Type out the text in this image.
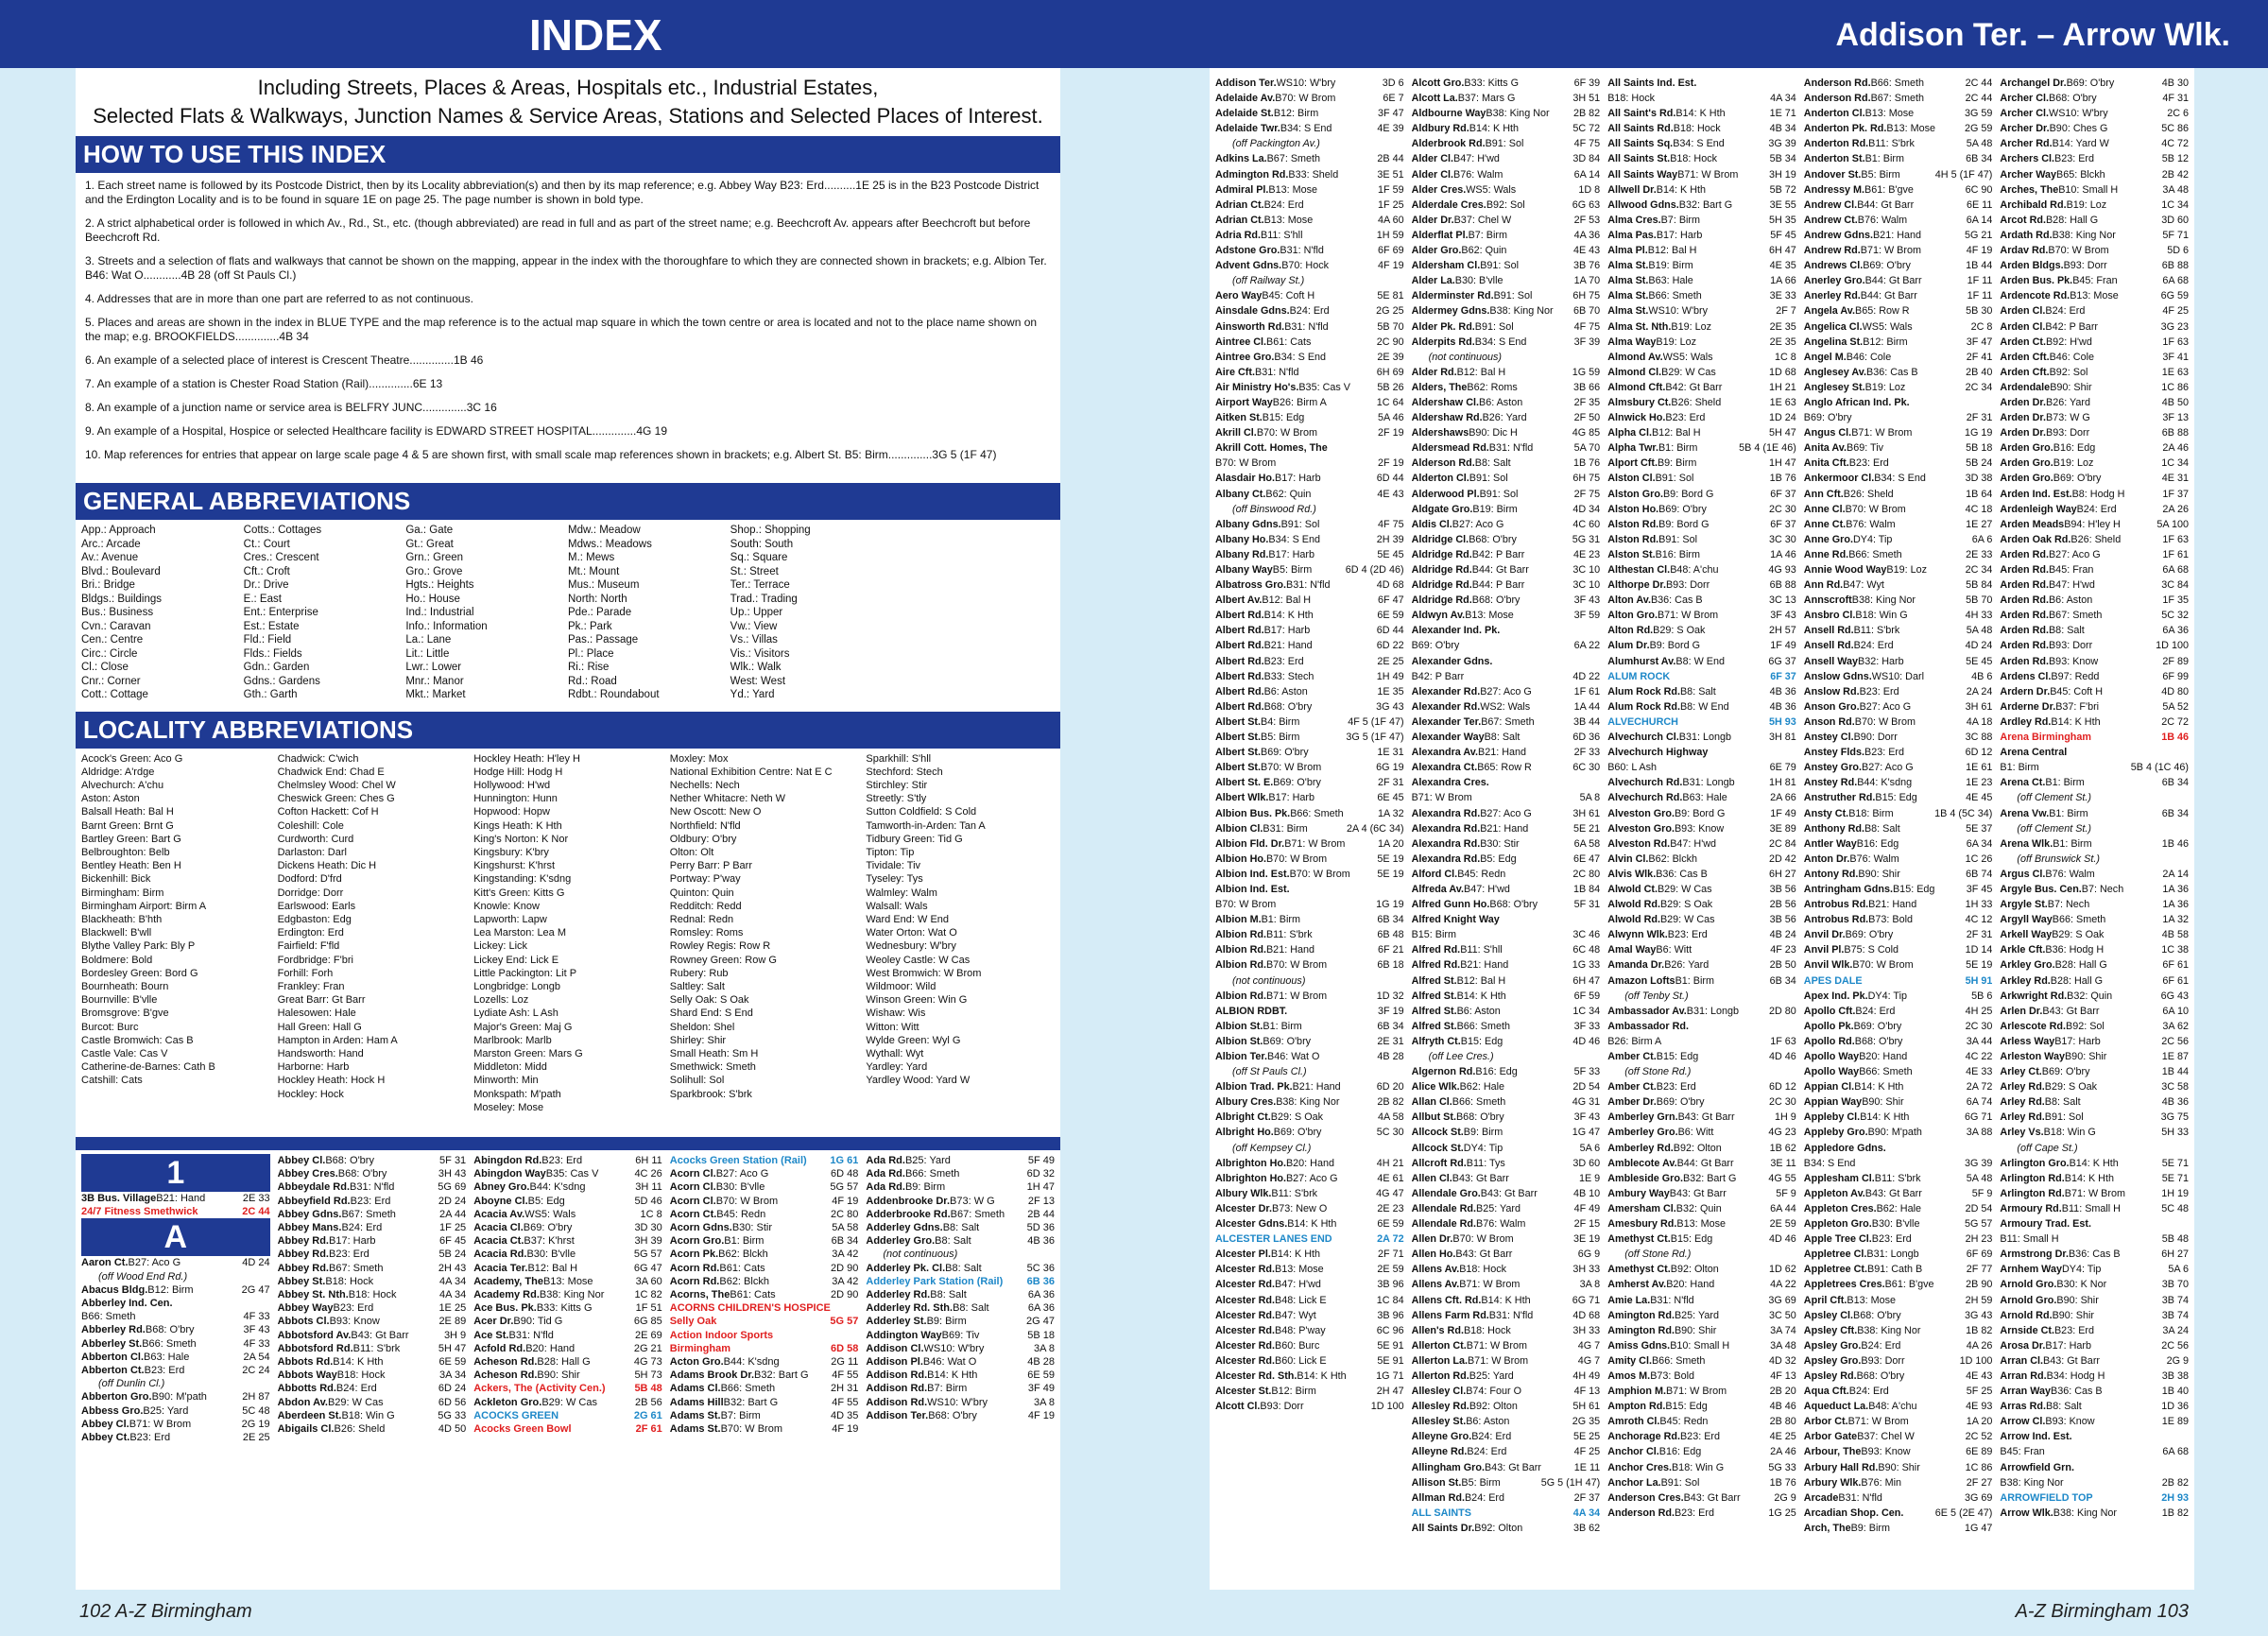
INDEX	Addison Ter. – Arrow Wlk.
Including Streets, Places & Areas, Hospitals etc., Industrial Estates,
Selected Flats & Walkways, Junction Names & Service Areas, Stations and Selected Places of Interest.
HOW TO USE THIS INDEX

1. Each street name is followed by its Postcode District, then by its Locality abbreviation(s) and then by its map reference; e.g. Abbey Way B23: Erd..........1E 25 is in the B23 Postcode District and the Erdington Locality and is to be found in square 1E on page 25. The page number is shown in bold type.

2. A strict alphabetical order is followed in which Av., Rd., St., etc. (though abbreviated) are read in full and as part of the street name; e.g. Beechcroft Av. appears after Beechcroft but before Beechcroft Rd.

3. Streets and a selection of flats and walkways that cannot be shown on the mapping, appear in the index with the thoroughfare to which they are connected shown in brackets; e.g. Albion Ter. B46: Wat O............4B 28 (off St Pauls Cl.)

4. Addresses that are in more than one part are referred to as not continuous.

5. Places and areas are shown in the index in BLUE TYPE and the map reference is to the actual map square in which the town centre or area is located and not to the place name shown on the map; e.g. BROOKFIELDS..............4B 34

6. An example of a selected place of interest is Crescent Theatre..............1B 46

7. An example of a station is Chester Road Station (Rail)..............6E 13

8. An example of a junction name or service area is BELFRY JUNC..............3C 16

9. An example of a Hospital, Hospice or selected Healthcare facility is EDWARD STREET HOSPITAL..............4G 19

10. Map references for entries that appear on large scale page 4 & 5 are shown first, with small scale map references shown in brackets; e.g. Albert St. B5: Birm..............3G 5 (1F 47)

GENERAL ABBREVIATIONS
App.: Approach
Arc.: Arcade
Av.: Avenue
Blvd.: Boulevard
Bri.: Bridge
Bldgs.: Buildings
Bus.: Business
Cvn.: Caravan
Cen.: Centre
Circ.: Circle
Cl.: Close
Cnr.: Corner
Cott.: Cottage
Cotts.: Cottages
Ct.: Court
Cres.: Crescent
Cft.: Croft
Dr.: Drive
E.: East
Ent.: Enterprise
Est.: Estate
Fld.: Field
Flds.: Fields
Gdn.: Garden
Gdns.: Gardens
Gth.: Garth
Ga.: Gate
Gt.: Great
Grn.: Green
Gro.: Grove
Hgts.: Heights
Ho.: House
Ind.: Industrial
Info.: Information
La.: Lane
Lit.: Little
Lwr.: Lower
Mnr.: Manor
Mkt.: Market
Mdw.: Meadow
Mdws.: Meadows
M.: Mews
Mt.: Mount
Mus.: Museum
North: North
Pde.: Parade
Pk.: Park
Pas.: Passage
Pl.: Place
Ri.: Rise
Rd.: Road
Rdbt.: Roundabout
Shop.: Shopping
South: South
Sq.: Square
St.: Street
Ter.: Terrace
Trad.: Trading
Up.: Upper
Vw.: View
Vs.: Villas
Vis.: Visitors
Wlk.: Walk
West: West
Yd.: Yard
LOCALITY ABBREVIATIONS
Acock's Green: Aco G
Aldridge: A'rdge
Alvechurch: A'chu
Aston: Aston
Balsall Heath: Bal H
Barnt Green: Brnt G
Bartley Green: Bart G
Belbroughton: Belb
Bentley Heath: Ben H
Bickenhill: Bick
Birmingham: Birm
Birmingham Airport: Birm A
Blackheath: B'hth
Blackwell: B'wll
Blythe Valley Park: Bly P
Boldmere: Bold
Bordesley Green: Bord G
Bournheath: Bourn
Bournville: B'vlle
Bromsgrove: B'gve
Burcot: Burc
Castle Bromwich: Cas B
Castle Vale: Cas V
Catherine-de-Barnes: Cath B
Catshill: Cats
Chadwick: C'wich
Chadwick End: Chad E
Chelmsley Wood: Chel W
Cheswick Green: Ches G
Cofton Hackett: Cof H
Coleshill: Cole
Curdworth: Curd
Darlaston: Darl
Dickens Heath: Dic H
Dodford: D'frd
Dorridge: Dorr
Earlswood: Earls
Edgbaston: Edg
Erdington: Erd
Fairfield: F'fld
Fordbridge: F'bri
Forhill: Forh
Frankley: Fran
Great Barr: Gt Barr
Halesowen: Hale
Hall Green: Hall G
Hampton in Arden: Ham A
Handsworth: Hand
Harborne: Harb
Hockley Heath: Hock H
Hockley: Hock
Hockley Heath: H'ley H
Hodge Hill: Hodg H
Hollywood: H'wd
Hunnington: Hunn
Hopwood: Hopw
Kings Heath: K Hth
King's Norton: K Nor
Kingsbury: K'bry
Kingshurst: K'hrst
Kingstanding: K'sdng
Kitt's Green: Kitts G
Knowle: Know
Lapworth: Lapw
Lea Marston: Lea M
Lickey: Lick
Lickey End: Lick E
Little Packington: Lit P
Longbridge: Longb
Lozells: Loz
Lydiate Ash: L Ash
Major's Green: Maj G
Marlbrook: Marlb
Marston Green: Mars G
Middleton: Midd
Minworth: Min
Monkspath: M'path
Moseley: Mose
Moxley: Mox
National Exhibition Centre: Nat E C
Nechells: Nech
Nether Whitacre: Neth W
New Oscott: New O
Northfield: N'fld
Oldbury: O'bry
Olton: Olt
Perry Barr: P Barr
Portway: P'way
Quinton: Quin
Redditch: Redd
Rednal: Redn
Romsley: Roms
Rowley Regis: Row R
Rowney Green: Row G
Rubery: Rub
Saltley: Salt
Selly Oak: S Oak
Shard End: S End
Sheldon: Shel
Shirley: Shir
Small Heath: Sm H
Smethwick: Smeth
Solihull: Sol
Sparkbrook: S'brk
Sparkhill: S'hll
Stechford: Stech
Stirchley: Stir
Streetly: S'tly
Sutton Coldfield: S Cold
Tamworth-in-Arden: Tan A
Tidbury Green: Tid G
Tipton: Tip
Tividale: Tiv
Tyseley: Tys
Walmley: Walm
Walsall: Wals
Ward End: W End
Water Orton: Wat O
Wednesbury: W'bry
Weoley Castle: W Cas
West Bromwich: W Brom
Wildmoor: Wild
Winson Green: Win G
Wishaw: Wis
Witton: Witt
Wylde Green: Wyl G
Wythall: Wyt
Yardley: Yard
Yardley Wood: Yard W
1
3B Bus. Village B21: Hand	2E 33
24/7 Fitness Smethwick	2C 44
A
Aaron Ct. B27: Aco G	4D 24
(off Wood End Rd.)
Abacus Bldg. B12: Birm	2G 47
Abberley Ind. Cen.
B66: Smeth	4F 33
Abberley Rd. B68: O'bry	3F 43
Abberley St. B66: Smeth	4F 33
Abberton Cl. B63: Hale	2A 54
Abberton Ct. B23: Erd	2C 24
(off Dunlin Cl.)
Abberton Gro. B90: M'path	2H 87
Abbess Gro. B25: Yard	5C 48
Abbey Cl. B71: W Brom	2G 19
Abbey Ct. B23: Erd	2E 25
Abbey Cl. B68: O'bry	5F 31
Abbey Cres. B68: O'bry	3H 43
Abbeydale Rd. B31: N'fld	5G 69
Abbeyfield Rd. B23: Erd	2D 24
Abbey Gdns. B67: Smeth	2A 44
Abbey Mans. B24: Erd	1F 25
Abbey Rd. B17: Harb	6F 45
Abbey Rd. B23: Erd	5B 24
Abbey Rd. B67: Smeth	2H 43
Abbey St. B18: Hock	4A 34
Abbey St. Nth. B18: Hock	4A 34
Abbey Way B23: Erd	1E 25
Abbots Cl. B93: Know	2E 89
Abbotsford Av. B43: Gt Barr	3H 9
Abbotsford Rd. B11: S'brk	5H 47
Abbots Rd. B14: K Hth	6E 59
Abbots Way B18: Hock	3A 34
Abbotts Rd. B24: Erd	6D 24
Abdon Av. B29: W Cas	6D 56
Aberdeen St. B18: Win G	5G 33
Abigails Cl. B26: Sheld	4D 50
Abingdon Rd. B23: Erd	6H 11
Abingdon Way B35: Cas V	4C 26
Abney Gro. B44: K'sdng	3H 11
Aboyne Cl. B5: Edg	5D 46
Acacia Av. WS5: Wals	1C 8
Acacia Cl. B69: O'bry	3D 30
Acacia Ct. B37: K'hrst	3H 39
Acacia Rd. B30: B'vlle	5G 57
Acacia Ter. B12: Bal H	6G 47
Academy, The B13: Mose	3A 60
Academy Rd. B38: King Nor	1C 82
Ace Bus. Pk. B33: Kitts G	1F 51
Acer Dr. B90: Tid G	6G 85
Ace St. B31: N'fld	2E 69
Acfold Rd. B20: Hand	2G 21
Acheson Rd. B28: Hall G	4G 73
Acheson Rd. B90: Shir	5H 73
Ackers, The (Activity Cen.)	5B 48
Ackleton Gro. B29: W Cas	2B 56
ACOCKS GREEN	2G 61
Acocks Green Bowl	2F 61
Acocks Green Station (Rail) 1G 61
Acorn Cl. B27: Aco G	6D 48
Acorn Cl. B30: B'vlle	5G 57
Acorn Cl. B70: W Brom	4F 19
Acorn Ct. B45: Redn	2C 80
Acorn Gdns. B30: Stir	5A 58
Acorn Gro. B1: Birm	6B 34
Acorn Pk. B62: Blckh	3A 42
Acorn Rd. B61: Cats	2D 90
Acorn Rd. B62: Blckh	3A 42
Acorns, The B61: Cats	2D 90
ACORNS CHILDREN'S HOSPICE
Selly Oak	5G 57
Action Indoor Sports
Birmingham	6D 58
Acton Gro. B44: K'sdng	2G 11
Adams Brook Dr. B32: Bart G	4F 55
Adams Cl. B66: Smeth	2H 31
Adams Hill B32: Bart G	4F 55
Adams St. B7: Birm	4D 35
Adams St. B70: W Brom	4F 19
Ada Rd. B25: Yard	5F 49
Ada Rd. B66: Smeth	6D 32
Ada Rd. B9: Birm	1H 47
Addenbrooke Dr. B73: W G	2F 13
Adderbrooke Rd. B67: Smeth	2B 44
Adderley Gdns. B8: Salt	5D 36
Adderley Gro. B8: Salt	4B 36
(not continuous)
Adderley Pk. Cl. B8: Salt	5C 36
Adderley Park Station (Rail) 6B 36
Adderley Rd. B8: Salt	6A 36
Adderley Rd. Sth. B8: Salt	6A 36
Adderley St. B9: Birm	2G 47
Addington Way B69: Tiv	5B 18
Addison Cl. WS10: W'bry	3A 8
Addison Pl. B46: Wat O	4B 28
Addison Rd. B14: K Hth	6E 59
Addison Rd. B7: Birm	3F 49
Addison Rd. WS10: W'bry	3A 8
Addison Ter. B68: O'bry	4F 19
Addison Ter. WS10: W'bry	3D 6
Adelaide Av. B70: W Brom	6E 7
Adelaide St. B12: Birm	3F 47
Adelaide Twr. B34: S End	4E 39
(off Packington Av.)
Adkins La. B67: Smeth	2B 44
Admington Rd. B33: Sheld	3E 51
Admiral Pl. B13: Mose	1F 59
Adrian Ct. B24: Erd	1F 25
Adrian Ct. B13: Mose	4A 60
Adria Rd. B11: S'hll	1H 59
Adstone Gro. B31: N'fld	6F 69
Advent Gdns. B70: Hock	4F 19
(off Railway St.)
Aero Way B45: Coft H	5E 81
Ainsdale Gdns. B24: Erd	2G 25
Ainsworth Rd. B31: N'fld	5B 70
Aintree Cl. B61: Cats	2C 90
Aintree Gro. B34: S End	2E 39
Aire Cft. B31: N'fld	6H 69
Air Ministry Ho's. B35: Cas V	5B 26
Airport Way B26: Birm A	1C 64
Aitken St. B15: Edg	5A 46
Akrill Cl. B70: W Brom	2F 19
Akrill Cott. Homes, The
B70: W Brom	2F 19
Alasdair Ho. B17: Harb	6D 44
Albany Ct. B62: Quin	4E 43
(off Binswood Rd.)
Albany Gdns. B91: Sol	4F 75
Albany Ho. B34: S End	2H 39
Albany Rd. B17: Harb	5E 45
Albany Way B5: Birm	6D 4 (2D 46)
Albatross Gro. B31: N'fld	4D 68
Albert Av. B12: Bal H	6F 47
Albert Rd. B14: K Hth	6E 59
Albert Rd. B17: Harb	6D 44
Albert Rd. B21: Hand	6D 22
Albert Rd. B23: Erd	2E 25
Albert Rd. B33: Stech	1H 49
Albert Rd. B6: Aston	1E 35
Albert Rd. B68: O'bry	3G 43
Albert St. B4: Birm	4F 5 (1F 47)
Albert St. B5: Birm	3G 5 (1F 47)
Albert St. B69: O'bry	1E 31
Albert St. B70: W Brom	6G 19
Albert St. E. B69: O'bry	2F 31
Albert Wlk. B17: Harb	6E 45
Albion Bus. Pk. B66: Smeth	1A 32
Albion Cl. B31: Birm	2A 4 (6C 34)
Albion Fld. Dr. B71: W Brom	1A 20
Albion Ho. B70: W Brom	5E 19
Albion Ind. Est. B70: W Brom	5E 19
Albion Ind. Est.
B70: W Brom	1G 19
Albion M. B1: Birm	6B 34
Albion Rd. B11: S'brk	6B 48
Albion Rd. B21: Hand	6F 21
Albion Rd. B70: W Brom	6B 18
(not continuous)
Albion Rd. B71: W Brom	1D 32
ALBION RDBT.	3F 19
Albion St. B1: Birm	6B 34
Albion St. B69: O'bry	2E 31
Albion Ter. B46: Wat O	4B 28
(off St Pauls Cl.)
Albion Trad. Pk. B21: Hand	6D 20
Albury Cres. B38: King Nor	2B 82
Albright Ct. B29: S Oak	4A 58
Albright Ho. B69: O'bry	5C 30
(off Kempsey Cl.)
Albrighton Ho. B20: Hand	4H 21
Albrighton Ho. B27: Aco G	4E 61
Albury Wlk. B11: S'brk	4G 47
Alcester Dr. B73: New O	2E 23
Alcester Gdns. B14: K Hth	6E 59
ALCESTER LANES END	2A 72
Alcester Pl. B14: K Hth	2F 71
Alcester Rd. B13: Mose	2E 59
Alcester Rd. B47: H'wd	3B 96
Alcester Rd. B48: Lick E	1C 84
Alcester Rd. B47: Wyt	3B 96
Alcester Rd. B48: P'way	6C 96
Alcester Rd. B60: Burc	5E 91
Alcester Rd. B60: Lick E	5E 91
Alcester Rd. Sth. B14: K Hth	1G 71
Alcester St. B12: Birm	2H 47
Alcott Cl. B93: Dorr	1D 100
Alcott Gro. B33: Kitts G	6F 39
Alcott La. B37: Mars G	3H 51
Aldbourne Way B38: King Nor	2B 82
Aldbury Rd. B14: K Hth	5C 72
Alderbrook Rd. B91: Sol	4F 75
Alder Cl. B47: H'wd	3D 84
Alder Cl. B76: Walm	6A 14
Alder Cres. WS5: Wals	1D 8
Alderdale Cres. B92: Sol	6G 63
Alder Dr. B37: Chel W	2F 53
Alderflat Pl. B7: Birm	4A 36
Alder Gro. B62: Quin	4E 43
Aldersham Cl. B91: Sol	3B 76
Alder La. B30: B'vlle	1A 70
Alderminster Rd. B91: Sol	6H 75
Aldermey Gdns. B38: King Nor	6B 70
Alder Pk. Rd. B91: Sol	4F 75
Alderpits Rd. B34: S End	3F 39
(not continuous)
Alder Rd. B12: Bal H	1G 59
Alders, The B62: Roms	3B 66
Aldershaw Cl. B6: Aston	2F 35
Aldershaw Rd. B26: Yard	2F 50
Aldershaws B90: Dic H	4G 85
Aldersmead Rd. B31: N'fld	5A 70
Alderson Rd. B8: Salt	1B 76
Alderton Cl. B91: Sol	6H 75
Alderwood Pl. B91: Sol	2F 75
Aldgate Gro. B19: Birm	4D 34
Aldis Cl. B27: Aco G	4C 60
Aldridge Cl. B68: O'bry	5G 31
Aldridge Rd. B42: P Barr	4E 23
Aldridge Rd. B44: Gt Barr	3C 10
Aldridge Rd. B44: P Barr	3C 10
Aldridge Rd. B68: O'bry	3F 43
Aldwyn Av. B13: Mose	3F 59
Alexander Ind. Pk.
B69: O'bry	6A 22
Alexander Gdns.
B42: P Barr	4D 22
Alexander Rd. B27: Aco G	1F 61
Alexander Rd. WS2: Wals	1A 44
Alexander Ter. B67: Smeth	3B 44
Alexander Way B8: Salt	6D 36
Alexandra Av. B21: Hand	2F 33
Alexandra Ct. B65: Row R	6C 30
Alexandra Cres.
B71: W Brom	5A 8
Alexandra Rd. B27: Aco G	3H 61
Alexandra Rd. B21: Hand	5E 21
Alexandra Rd. B30: Stir	6A 58
Alexandra Rd. B5: Edg	6E 47
Alford Cl. B45: Redn	2C 80
Alfreda Av. B47: H'wd	1B 84
Alfred Gunn Ho. B68: O'bry	5F 31
Alfred Knight Way
B15: Birm	3C 46
Alfred Rd. B11: S'hll	6C 48
Alfred Rd. B21: Hand	1G 33
Alfred St. B12: Bal H	6H 47
Alfred St. B14: K Hth	6F 59
Alfred St. B6: Aston	1C 34
Alfred St. B66: Smeth	3F 33
Alfryth Ct. B15: Edg	4D 46
(off Lee Cres.)
Algernon Rd. B16: Edg	5F 33
Alice Wlk. B62: Hale	2D 54
Allan Cl. B66: Smeth	4G 31
Allbut St. B68: O'bry	3F 43
Allcock St. B9: Birm	1G 47
Allcock St. DY4: Tip	5A 6
Allcroft Rd. B11: Tys	3D 60
Allen Cl. B43: Gt Barr	1E 9
Allendale Gro. B43: Gt Barr	4B 10
Allendale Rd. B25: Yard	4F 49
Allendale Rd. B76: Walm	2F 15
Allen Dr. B70: W Brom	3E 19
Allen Ho. B43: Gt Barr	6G 9
Allens Av. B18: Hock	3H 33
Allens Av. B71: W Brom	3A 8
Allens Cft. Rd. B14: K Hth	6G 71
Allens Farm Rd. B31: N'fld	4D 68
Allen's Rd. B18: Hock	3H 33
Allerton Ct. B71: W Brom	4G 7
Allerton La. B71: W Brom	4G 7
Allerton Rd. B25: Yard	4H 49
Allesley Cl. B74: Four O	4F 13
Allesley Rd. B92: Olton	5H 61
Allesley St. B6: Aston	2G 35
Alleyne Gro. B24: Erd	5E 25
Alleyne Rd. B24: Erd	4F 25
Allingham Gro. B43: Gt Barr	1E 11
Allison St. B5: Birm	5G 5 (1H 47)
Allman Rd. B24: Erd	2F 37
ALL SAINTS	4A 34
All Saints Dr. B92: Olton	3B 62
All Saints Ind. Est.
B18: Hock	4A 34
All Saint's Rd. B14: K Hth	1E 71
All Saints Rd. B18: Hock	4B 34
All Saints Sq. B34: S End	3G 39
All Saints St. B18: Hock	5B 34
All Saints Way B71: W Brom	3H 19
Allwell Dr. B14: K Hth	5B 72
Allwood Gdns. B32: Bart G	3E 55
Alma Cres. B7: Birm	5H 35
Alma Pas. B17: Harb	5F 45
Alma Pl. B12: Bal H	6H 47
Alma St. B19: Birm	4E 35
Alma St. B63: Hale	1A 66
Alma St. B66: Smeth	3E 33
Alma St. WS10: W'bry	2F 7
Alma St. Nth. B19: Loz	2E 35
Alma Way B19: Loz	2E 35
Almond Av. WS5: Wals	1C 8
Almond Cl. B29: W Cas	1D 68
Almond Cft. B42: Gt Barr	1H 21
Almsbury Ct. B26: Sheld	1E 63
Alnwick Ho. B23: Erd	1D 24
Alpha Cl. B12: Bal H	5H 47
Alpha Twr. B1: Birm	5B 4 (1E 46)
Alport Cft. B9: Birm	1H 47
Alston Cl. B91: Sol	1B 76
Alston Gro. B9: Bord G	6F 37
Alston Ho. B69: O'bry	2C 30
Alston Rd. B9: Bord G	6F 37
Alston Rd. B91: Sol	3C 30
Alston St. B16: Birm	1A 46
Althestan Cl. B48: A'chu	4G 93
Althorpe Dr. B93: Dorr	6B 88
Alton Av. B36: Cas B	3C 13
Alton Gro. B71: W Brom	3F 43
Alton Rd. B29: S Oak	2H 57
Alum Dr. B9: Bord G	1F 49
Alumhurst Av. B8: W End	6G 37
ALUM ROCK	6F 37
Alum Rock Rd. B8: Salt	4B 36
Alum Rock Rd. B8: W End	4B 36
ALVECHURCH	5H 93
Alvechurch Cl. B31: Longb	3H 81
Alvechurch Highway
B60: L Ash	6E 79
Alvechurch Rd. B31: Longb	1H 81
Alvechurch Rd. B63: Hale	2A 66
Alveston Gro. B9: Bord G	1F 49
Alveston Gro. B93: Know	3E 89
Alveston Rd. B47: H'wd	2C 84
Alvin Cl. B62: Blckh	2D 42
Alvis Wlk. B36: Cas B	6H 27
Alwold Ct. B29: W Cas	3B 56
Alwold Rd. B29: S Oak	2B 56
Alwold Rd. B29: W Cas	3B 56
Alwynn Wlk. B23: Erd	4B 24
Amal Way B6: Witt	4F 23
Amanda Dr. B26: Yard	2B 50
Amazon Lofts B1: Birm	6B 34
(off Tenby St.)
Ambassador Av. B31: Longb	2D 80
Ambassador Rd.
B26: Birm A	1F 63
Amber Ct. B15: Edg	4D 46
(off Stone Rd.)
Amber Ct. B23: Erd	6D 12
Amber Dr. B69: O'bry	2C 30
Amberley Grn. B43: Gt Barr	1H 9
Amberley Gro. B6: Witt	4G 23
Amberley Rd. B92: Olton	1B 62
Amblecote Av. B44: Gt Barr	3E 11
Ambleside Gro. B32: Bart G	4G 55
Ambury Way B43: Gt Barr	5F 9
Amersham Cl. B32: Quin	6A 44
Amesbury Rd. B13: Mose	2E 59
Amethyst Ct. B15: Edg	4D 46
(off Stone Rd.)
Amethyst Ct. B92: Olton	1D 62
Amherst Av. B20: Hand	4A 22
Amie La. B31: N'fld	3G 69
Amington Rd. B25: Yard	3C 50
Amington Rd. B90: Shir	3A 74
Amiss Gdns. B10: Small H	3A 48
Amity Cl. B66: Smeth	4D 32
Amos M. B73: Bold	4F 13
Amphion M. B71: W Brom	2B 20
Ampton Rd. B15: Edg	4B 46
Amroth Cl. B45: Redn	2B 80
Anchorage Rd. B23: Erd	4E 25
Anchor Cl. B16: Edg	2A 46
Anchor Cres. B18: Win G	5G 33
Anchor La. B91: Sol	1B 76
Anderson Cres. B43: Gt Barr	2G 9
Anderson Rd. B23: Erd	1G 25
Anderson Rd. B66: Smeth	2C 44
Anderson Rd. B67: Smeth	2C 44
Anderton Cl. B13: Mose	3G 59
Anderton Pk. Rd. B13: Mose	2G 59
Anderton Rd. B11: S'brk	5A 48
Anderton St. B1: Birm	6B 34
Andover St. B5: Birm	4H 5 (1F 47)
Andressy M. B61: B'gve	6C 90
Andrew Cl. B44: Gt Barr	6E 11
Andrew Ct. B76: Walm	6A 14
Andrew Gdns. B21: Hand	5G 21
Andrew Rd. B71: W Brom	4F 19
Andrews Cl. B69: O'bry	1B 44
Anerley Gro. B44: Gt Barr	1F 11
Anerley Rd. B44: Gt Barr	1F 11
Angela Av. B65: Row R	5B 30
Angelica Cl. WS5: Wals	2C 8
Angelina St. B12: Birm	3F 47
Angel M. B46: Cole	2F 41
Anglesey Av. B36: Cas B	2B 40
Anglesey St. B19: Loz	2C 34
Anglo African Ind. Pk.
B69: O'bry	2F 31
Angus Cl. B71: W Brom	1G 19
Anita Av. B69: Tiv	5B 18
Anita Cft. B23: Erd	5B 24
Ankermoor Cl. B34: S End	3D 38
Ann Cft. B26: Sheld	1B 64
Anne Cl. B70: W Brom	4C 18
Anne Ct. B76: Walm	1E 27
Anne Gro. DY4: Tip	6A 6
Anne Rd. B66: Smeth	2E 33
Annie Wood Way B19: Loz	2C 34
Ann Rd. B47: Wyt	5B 84
Annscroft B38: King Nor	5B 70
Ansbro Cl. B18: Win G	4H 33
Ansell Rd. B11: S'brk	5A 48
Ansell Rd. B24: Erd	4D 24
Ansell Way B32: Harb	5E 45
Anslow Gdns. WS10: Darl	4B 6
Anslow Rd. B23: Erd	2A 24
Anson Gro. B27: Aco G	3H 61
Anson Rd. B70: W Brom	4A 18
Anstey Cl. B90: Dorr	3C 88
Anstey Flds. B23: Erd	6D 12
Anstey Gro. B27: Aco G	1E 61
Anstey Rd. B44: K'sdng	1E 23
Anstruther Rd. B15: Edg	4E 45
Ansty Ct. B18: Birm	1B 4 (5C 34)
Anthony Rd. B8: Salt	5E 37
Antler Way B16: Edg	6A 34
Anton Dr. B76: Walm	1C 26
Antony Rd. B90: Shir	6B 74
Antringham Gdns. B15: Edg	3F 45
Antrobus Rd. B21: Hand	1H 33
Antrobus Rd. B73: Bold	4C 12
Anvil Dr. B69: O'bry	2F 31
Anvil Pl. B75: S Cold	1D 14
Anvil Wlk. B70: W Brom	5E 19
APES DALE	5H 91
Apex Ind. Pk. DY4: Tip	5B 6
Apollo Cft. B24: Erd	4H 25
Apollo Pk. B69: O'bry	2C 30
Apollo Rd. B68: O'bry	3A 44
Apollo Way B20: Hand	4C 22
Apollo Way B66: Smeth	4E 33
Appian Cl. B14: K Hth	2A 72
Appian Way B90: Shir	6A 74
Appleby Cl. B14: K Hth	6G 71
Appleby Gro. B90: M'path	3A 88
Appledore Gdns.
B34: S End	3G 39
Applesham Cl. B11: S'brk	5A 48
Appleton Av. B43: Gt Barr	5F 9
Appleton Cres. B62: Hale	2D 54
Appleton Gro. B30: B'vlle	5G 57
Apple Tree Cl. B23: Erd	2H 23
Appletree Cl. B31: Longb	6F 69
Appletree Ct. B91: Cath B	2F 77
Appletrees Cres. B61: B'gve	2B 90
April Cft. B13: Mose	2H 59
Apsley Cl. B68: O'bry	3G 43
Apsley Cft. B38: King Nor	1B 82
Apsley Gro. B24: Erd	4A 26
Apsley Gro. B93: Dorr	1D 100
Apsley Rd. B68: O'bry	4E 43
Aqua Cft. B24: Erd	5F 25
Aqueduct La. B48: A'chu	4E 93
Arbor Ct. B71: W Brom	1A 20
Arbor Gate B37: Chel W	2C 52
Arbour, The B93: Know	6E 89
Arbury Hall Rd. B90: Shir	1C 86
Arbury Wlk. B76: Min	2F 27
Arcade B31: N'fld	3G 69
Arcadian Shop. Cen.	6E 5 (2E 47)
Arch, The B9: Birm	1G 47
Archangel Dr. B69: O'bry	4B 30
Archer Cl. B68: O'bry	4F 31
Archer Cl. WS10: W'bry	2C 6
Archer Dr. B90: Ches G	5C 86
Archer Rd. B14: Yard W	4C 72
Archers Cl. B23: Erd	5B 12
Archer Way B65: Blckh	2B 42
Arches, The B10: Small H	3A 48
Archibald Rd. B19: Loz	1C 34
Arcot Rd. B28: Hall G	3D 60
Ardath Rd. B38: King Nor	5F 71
Ardav Rd. B70: W Brom	5D 6
Arden Bldgs. B93: Dorr	6B 88
Arden Bus. Pk. B45: Fran	6A 68
Ardencote Rd. B13: Mose	6G 59
Arden Cl. B24: Erd	4F 25
Arden Cl. B42: P Barr	3G 23
Arden Ct. B92: H'wd	1F 63
Arden Cft. B46: Cole	3F 41
Arden Cft. B92: Sol	1E 63
Ardendale B90: Shir	1C 86
Arden Dr. B26: Yard	4B 50
Arden Dr. B73: W G	3F 13
Arden Dr. B93: Dorr	6B 88
Arden Gro. B16: Edg	2A 46
Arden Gro. B19: Loz	1C 34
Arden Gro. B69: O'bry	4E 31
Arden Ind. Est. B8: Hodg H	1F 37
Ardenleigh Way B24: Erd	2A 26
Arden Meads B94: H'ley H	5A 100
Arden Oak Rd. B26: Sheld	1F 63
Arden Rd. B27: Aco G	1F 61
Arden Rd. B45: Fran	6A 68
Arden Rd. B47: H'wd	3C 84
Arden Rd. B6: Aston	1F 35
Arden Rd. B67: Smeth	5C 32
Arden Rd. B8: Salt	6A 36
Arden Rd. B93: Dorr	1D 100
Arden Rd. B93: Know	2F 89
Ardens Cl. B97: Redd	6F 99
Ardern Dr. B45: Coft H	4D 80
Arderne Dr. B37: F'bri	5A 52
Ardley Rd. B14: K Hth	2C 72
Arena Birmingham	1B 46
Arena Central
B1: Birm	5B 4 (1C 46)
Arena Ct. B1: Birm	6B 34
(off Clement St.)
Arena Vw. B1: Birm	6B 34
(off Clement St.)
Arena Wlk. B1: Birm	1B 46
(off Brunswick St.)
Argus Cl. B76: Walm	2A 14
Argyle Bus. Cen. B7: Nech	1A 36
Argyle St. B7: Nech	1A 36
Argyll Way B66: Smeth	1A 32
Arkell Way B29: S Oak	4B 58
Arkle Cft. B36: Hodg H	1C 38
Arkley Gro. B28: Hall G	6F 61
Arkley Rd. B28: Hall G	6F 61
Arkwright Rd. B32: Quin	6G 43
Arlen Dr. B43: Gt Barr	6A 10
Arlescote Rd. B92: Sol	3A 62
Arless Way B17: Harb	2C 56
Arleston Way B90: Shir	1E 87
Arley Ct. B69: O'bry	1B 44
Arley Rd. B29: S Oak	3C 58
Arley Rd. B8: Salt	4B 36
Arley Rd. B91: Sol	3G 75
Arley Vs. B18: Win G	5H 33
(off Cape St.)
Arlington Gro. B14: K Hth	5E 71
Arlington Rd. B14: K Hth	5E 71
Arlington Rd. B71: W Brom	1H 19
Armoury Rd. B11: Small H	5C 48
Armoury Trad. Est.
B11: Small H	5B 48
Armstrong Dr. B36: Cas B	6H 27
Arnhem Way DY4: Tip	5A 6
Arnold Gro. B30: K Nor	3B 70
Arnold Gro. B90: Shir	3B 74
Arnold Rd. B90: Shir	3B 74
Arnside Ct. B23: Erd	3A 24
Arosa Dr. B17: Harb	2C 56
Arran Cl. B43: Gt Barr	2G 9
Arran Rd. B34: Hodg H	3B 38
Arran Way B36: Cas B	1B 40
Arras Rd. B8: Salt	1D 36
Arrow Cl. B93: Know	1E 89
Arrow Ind. Est.
B45: Fran	6A 68
Arrowfield Grn.
B38: King Nor	2B 82
ARROWFIELD TOP	2H 93
Arrow Wlk. B38: King Nor	1B 82
102 A-Z Birmingham	A-Z Birmingham 103
